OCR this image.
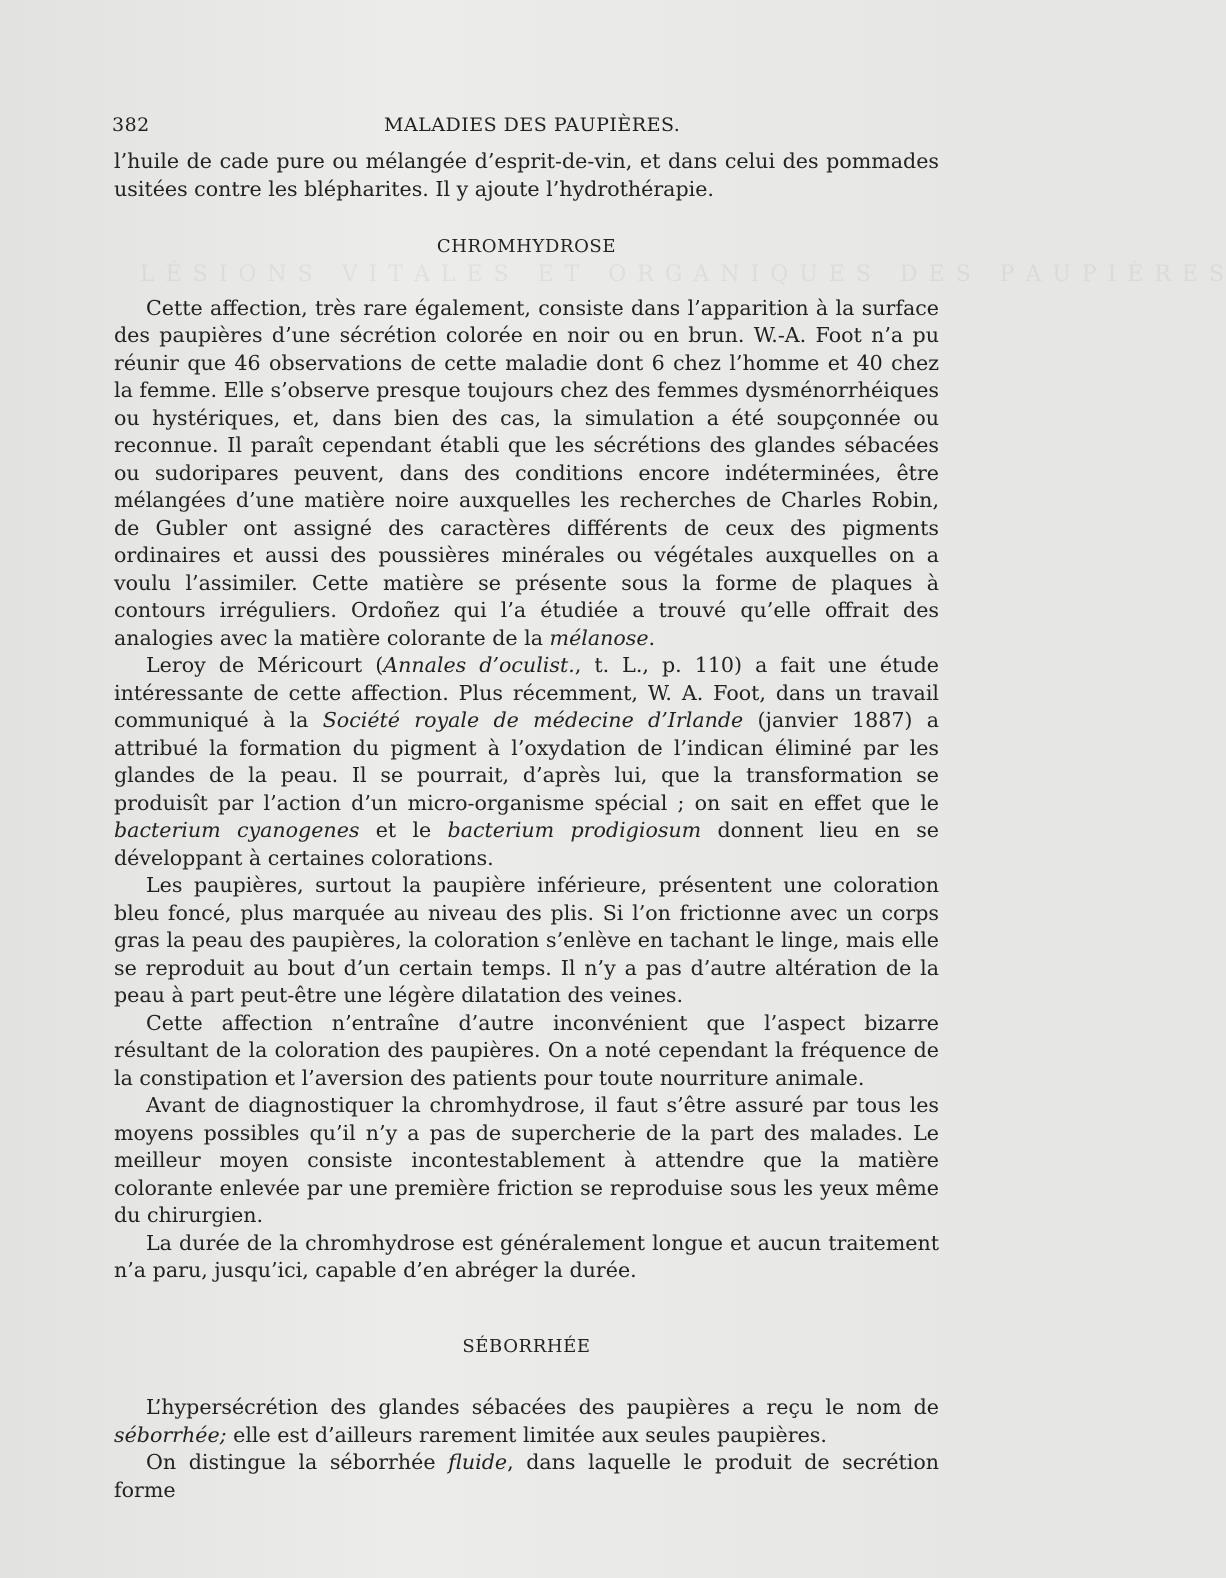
L É S I O N S   V I T A L E S   E T   O R G A N I Q U E S   D E S   P A U P I È R E S
382	MALADIES DES PAUPIÈRES.

l’huile de cade pure ou mélangée d’esprit-de-vin, et dans celui des pommades usitées contre les blépharites. Il y ajoute l’hydrothérapie.

CHROMHYDROSE

Cette affection, très rare également, consiste dans l’apparition à la surface des paupières d’une sécrétion colorée en noir ou en brun. W.-A. Foot n’a pu réunir que 46 observations de cette maladie dont 6 chez l’homme et 40 chez la femme. Elle s’observe presque toujours chez des femmes dysménorrhéiques ou hystériques, et, dans bien des cas, la simulation a été soupçonnée ou reconnue. Il paraît cependant établi que les sécrétions des glandes sébacées ou sudoripares peuvent, dans des conditions encore indéterminées, être mélangées d’une matière noire auxquelles les recherches de Charles Robin, de Gubler ont assigné des caractères différents de ceux des pigments ordinaires et aussi des poussières minérales ou végétales auxquelles on a voulu l’assimiler. Cette matière se présente sous la forme de plaques à contours irréguliers. Ordoñez qui l’a étudiée a trouvé qu’elle offrait des analogies avec la matière colorante de la mélanose.

Leroy de Méricourt (Annales d’oculist., t. L., p. 110) a fait une étude intéressante de cette affection. Plus récemment, W. A. Foot, dans un travail communiqué à la Société royale de médecine d’Irlande (janvier 1887) a attribué la formation du pigment à l’oxydation de l’indican éliminé par les glandes de la peau. Il se pourrait, d’après lui, que la transformation se produisît par l’action d’un micro-organisme spécial ; on sait en effet que le bacterium cyanogenes et le bacterium prodigiosum donnent lieu en se développant à certaines colorations.

Les paupières, surtout la paupière inférieure, présentent une coloration bleu foncé, plus marquée au niveau des plis. Si l’on frictionne avec un corps gras la peau des paupières, la coloration s’enlève en tachant le linge, mais elle se reproduit au bout d’un certain temps. Il n’y a pas d’autre altération de la peau à part peut-être une légère dilatation des veines.

Cette affection n’entraîne d’autre inconvénient que l’aspect bizarre résultant de la coloration des paupières. On a noté cependant la fréquence de la constipation et l’aversion des patients pour toute nourriture animale.

Avant de diagnostiquer la chromhydrose, il faut s’être assuré par tous les moyens possibles qu’il n’y a pas de supercherie de la part des malades. Le meilleur moyen consiste incontestablement à attendre que la matière colorante enlevée par une première friction se reproduise sous les yeux même du chirurgien.

La durée de la chromhydrose est généralement longue et aucun traitement n’a paru, jusqu’ici, capable d’en abréger la durée.

SÉBORRHÉE

L’hypersécrétion des glandes sébacées des paupières a reçu le nom de séborrhée; elle est d’ailleurs rarement limitée aux seules paupières.

On distingue la séborrhée fluide, dans laquelle le produit de secrétion forme
